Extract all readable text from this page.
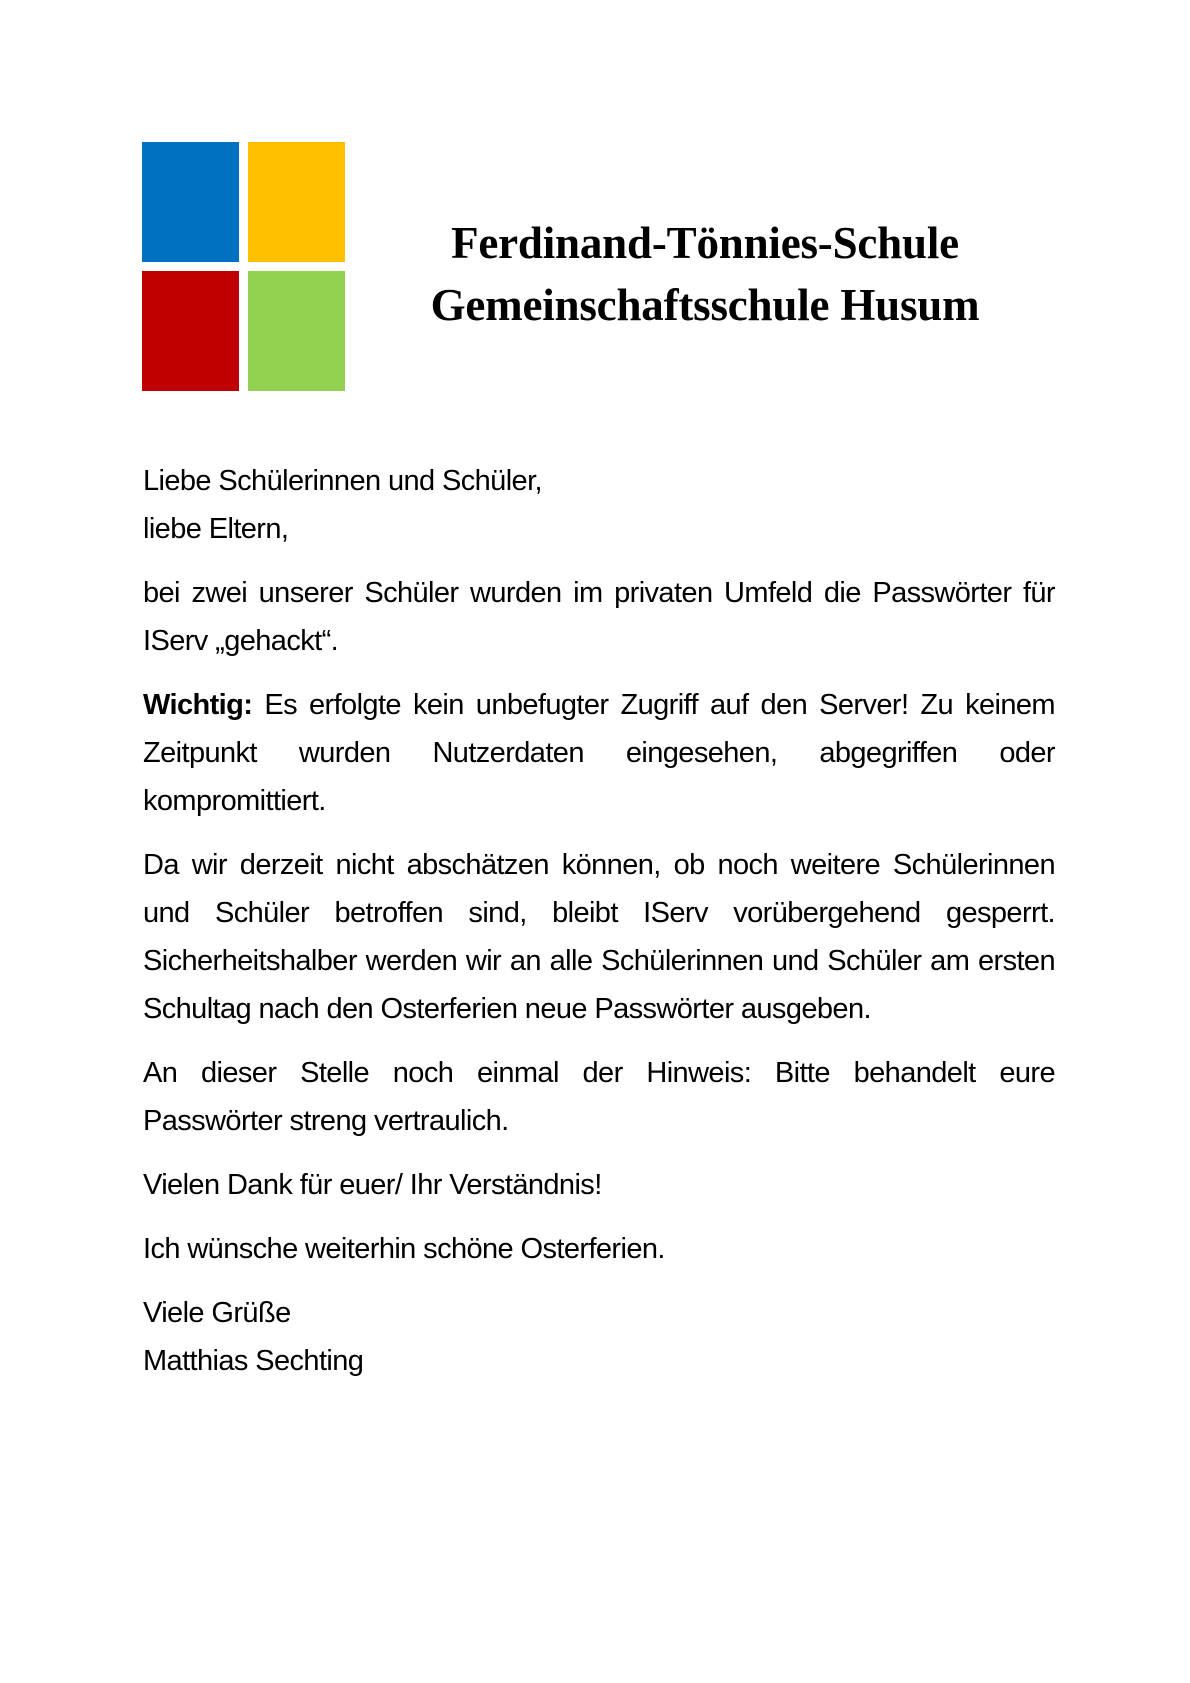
Ferdinand-Tönnies-Schule
Gemeinschaftsschule Husum

Liebe Schülerinnen und Schüler,
liebe Eltern,

bei zwei unserer Schüler wurden im privaten Umfeld die Passwörter für IServ „gehackt“.

Wichtig: Es erfolgte kein unbefugter Zugriff auf den Server! Zu keinem Zeitpunkt wurden Nutzerdaten eingesehen, abgegriffen oder kompromittiert.

Da wir derzeit nicht abschätzen können, ob noch weitere Schülerinnen und Schüler betroffen sind, bleibt IServ vorübergehend gesperrt. Sicherheitshalber werden wir an alle Schülerinnen und Schüler am ersten Schultag nach den Osterferien neue Passwörter ausgeben.

An dieser Stelle noch einmal der Hinweis: Bitte behandelt eure Passwörter streng vertraulich.

Vielen Dank für euer/ Ihr Verständnis!

Ich wünsche weiterhin schöne Osterferien.

Viele Grüße
Matthias Sechting
